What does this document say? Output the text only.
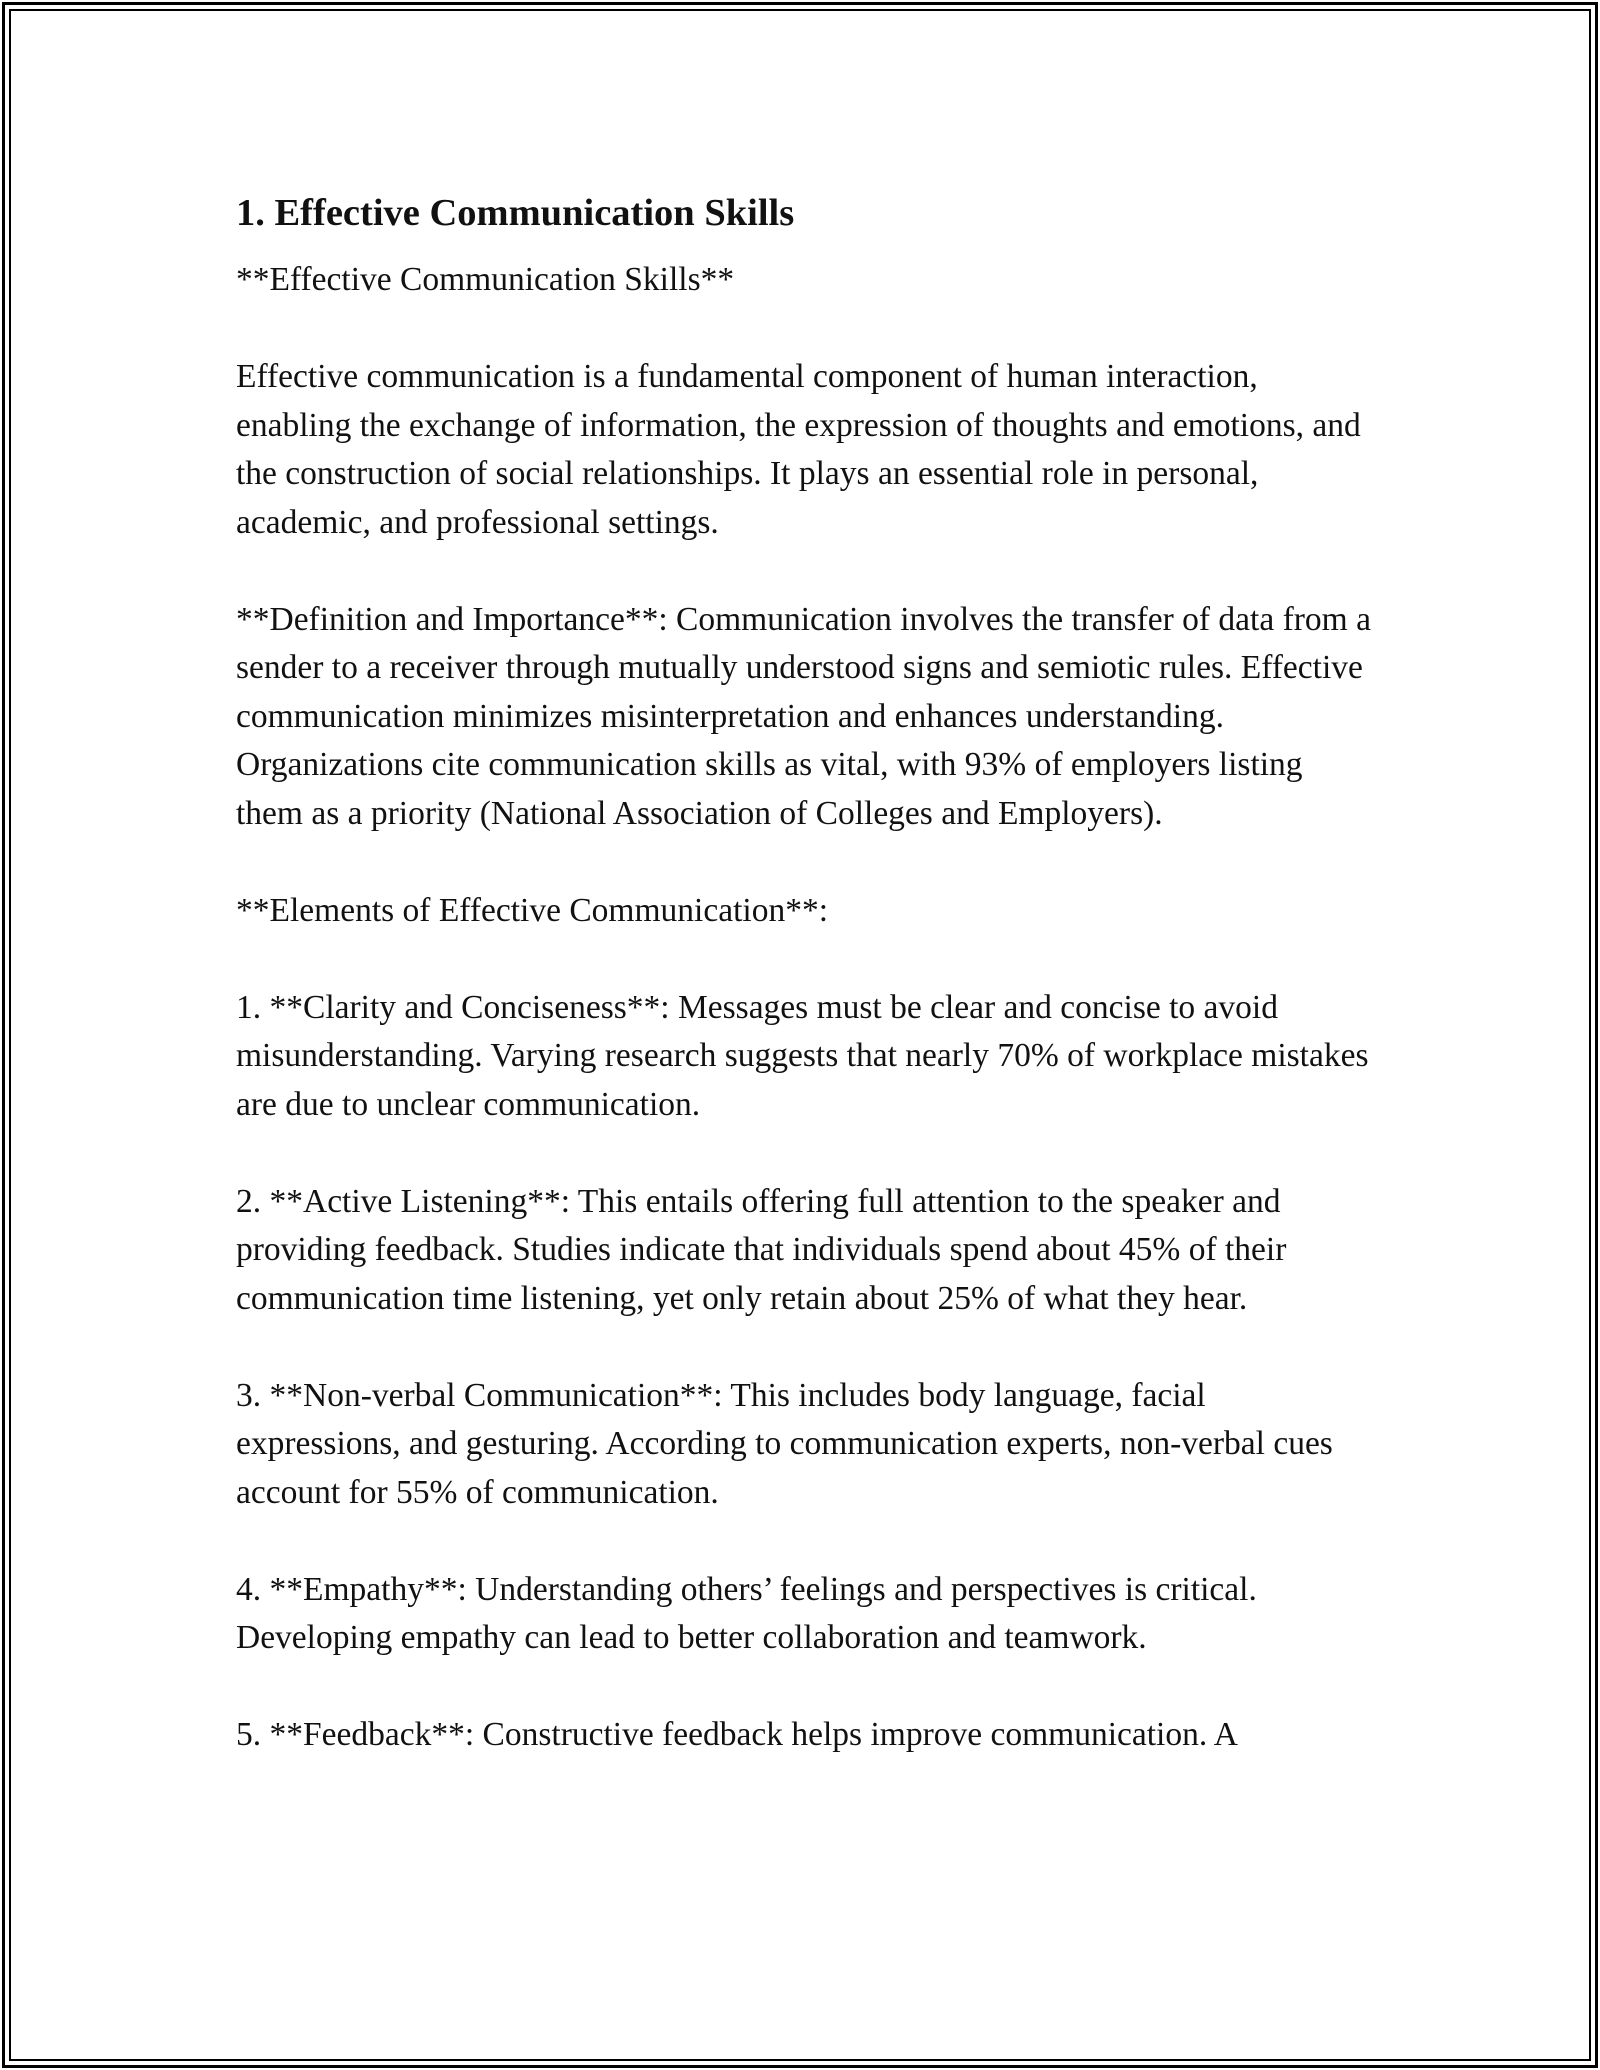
1. Effective Communication Skills

**Effective Communication Skills**

Effective communication is a fundamental component of human interaction, enabling the exchange of information, the expression of thoughts and emotions, and the construction of social relationships. It plays an essential role in personal, academic, and professional settings.

**Definition and Importance**: Communication involves the transfer of data from a sender to a receiver through mutually understood signs and semiotic rules. Effective communication minimizes misinterpretation and enhances understanding. Organizations cite communication skills as vital, with 93% of employers listing them as a priority (National Association of Colleges and Employers).

**Elements of Effective Communication**:

1. **Clarity and Conciseness**: Messages must be clear and concise to avoid misunderstanding. Varying research suggests that nearly 70% of workplace mistakes are due to unclear communication.

2. **Active Listening**: This entails offering full attention to the speaker and providing feedback. Studies indicate that individuals spend about 45% of their communication time listening, yet only retain about 25% of what they hear.

3. **Non-verbal Communication**: This includes body language, facial expressions, and gesturing. According to communication experts, non-verbal cues account for 55% of communication.

4. **Empathy**: Understanding others’ feelings and perspectives is critical. Developing empathy can lead to better collaboration and teamwork.

5. **Feedback**: Constructive feedback helps improve communication. A
